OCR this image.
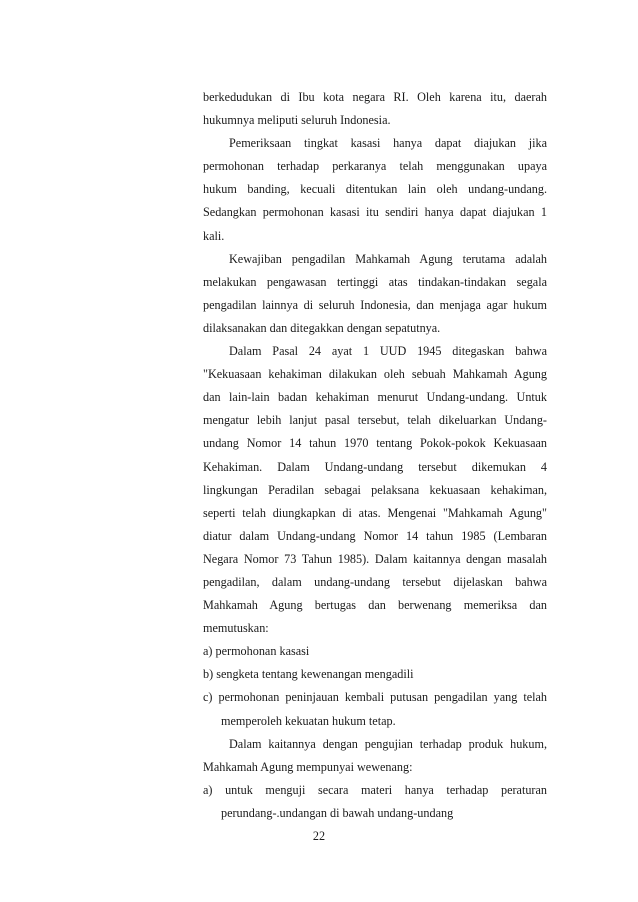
berkedudukan di Ibu kota negara RI. Oleh karena itu, daerah
hukumnya meliputi seluruh Indonesia.
Pemeriksaan tingkat kasasi hanya dapat diajukan jika
permohonan terhadap perkaranya telah menggunakan upaya
hukum banding, kecuali ditentukan lain oleh undang-undang.
Sedangkan permohonan kasasi itu sendiri hanya dapat diajukan 1
kali.
Kewajiban pengadilan Mahkamah Agung terutama adalah
melakukan pengawasan tertinggi atas tindakan-tindakan segala
pengadilan lainnya di seluruh Indonesia, dan menjaga agar hukum
dilaksanakan dan ditegakkan dengan sepatutnya.
Dalam Pasal 24 ayat 1 UUD 1945 ditegaskan bahwa
"Kekuasaan kehakiman dilakukan oleh sebuah Mahkamah Agung
dan lain-lain badan kehakiman menurut Undang-undang. Untuk
mengatur lebih lanjut pasal tersebut, telah dikeluarkan Undang-
undang Nomor 14 tahun 1970 tentang Pokok-pokok Kekuasaan
Kehakiman. Dalam Undang-undang tersebut dikemukan 4
lingkungan Peradilan sebagai pelaksana kekuasaan kehakiman,
seperti telah diungkapkan di atas. Mengenai "Mahkamah Agung"
diatur dalam Undang-undang Nomor 14 tahun 1985 (Lembaran
Negara Nomor 73 Tahun 1985). Dalam kaitannya dengan masalah
pengadilan, dalam undang-undang tersebut dijelaskan bahwa
Mahkamah Agung bertugas dan berwenang memeriksa dan
memutuskan:
a) permohonan kasasi
b) sengketa tentang kewenangan mengadili
c) permohonan peninjauan kembali putusan pengadilan yang telah
memperoleh kekuatan hukum tetap.
Dalam kaitannya dengan pengujian terhadap produk hukum,
Mahkamah Agung mempunyai wewenang:
a) untuk menguji secara materi hanya terhadap peraturan
perundang-.undangan di bawah undang-undang
22
